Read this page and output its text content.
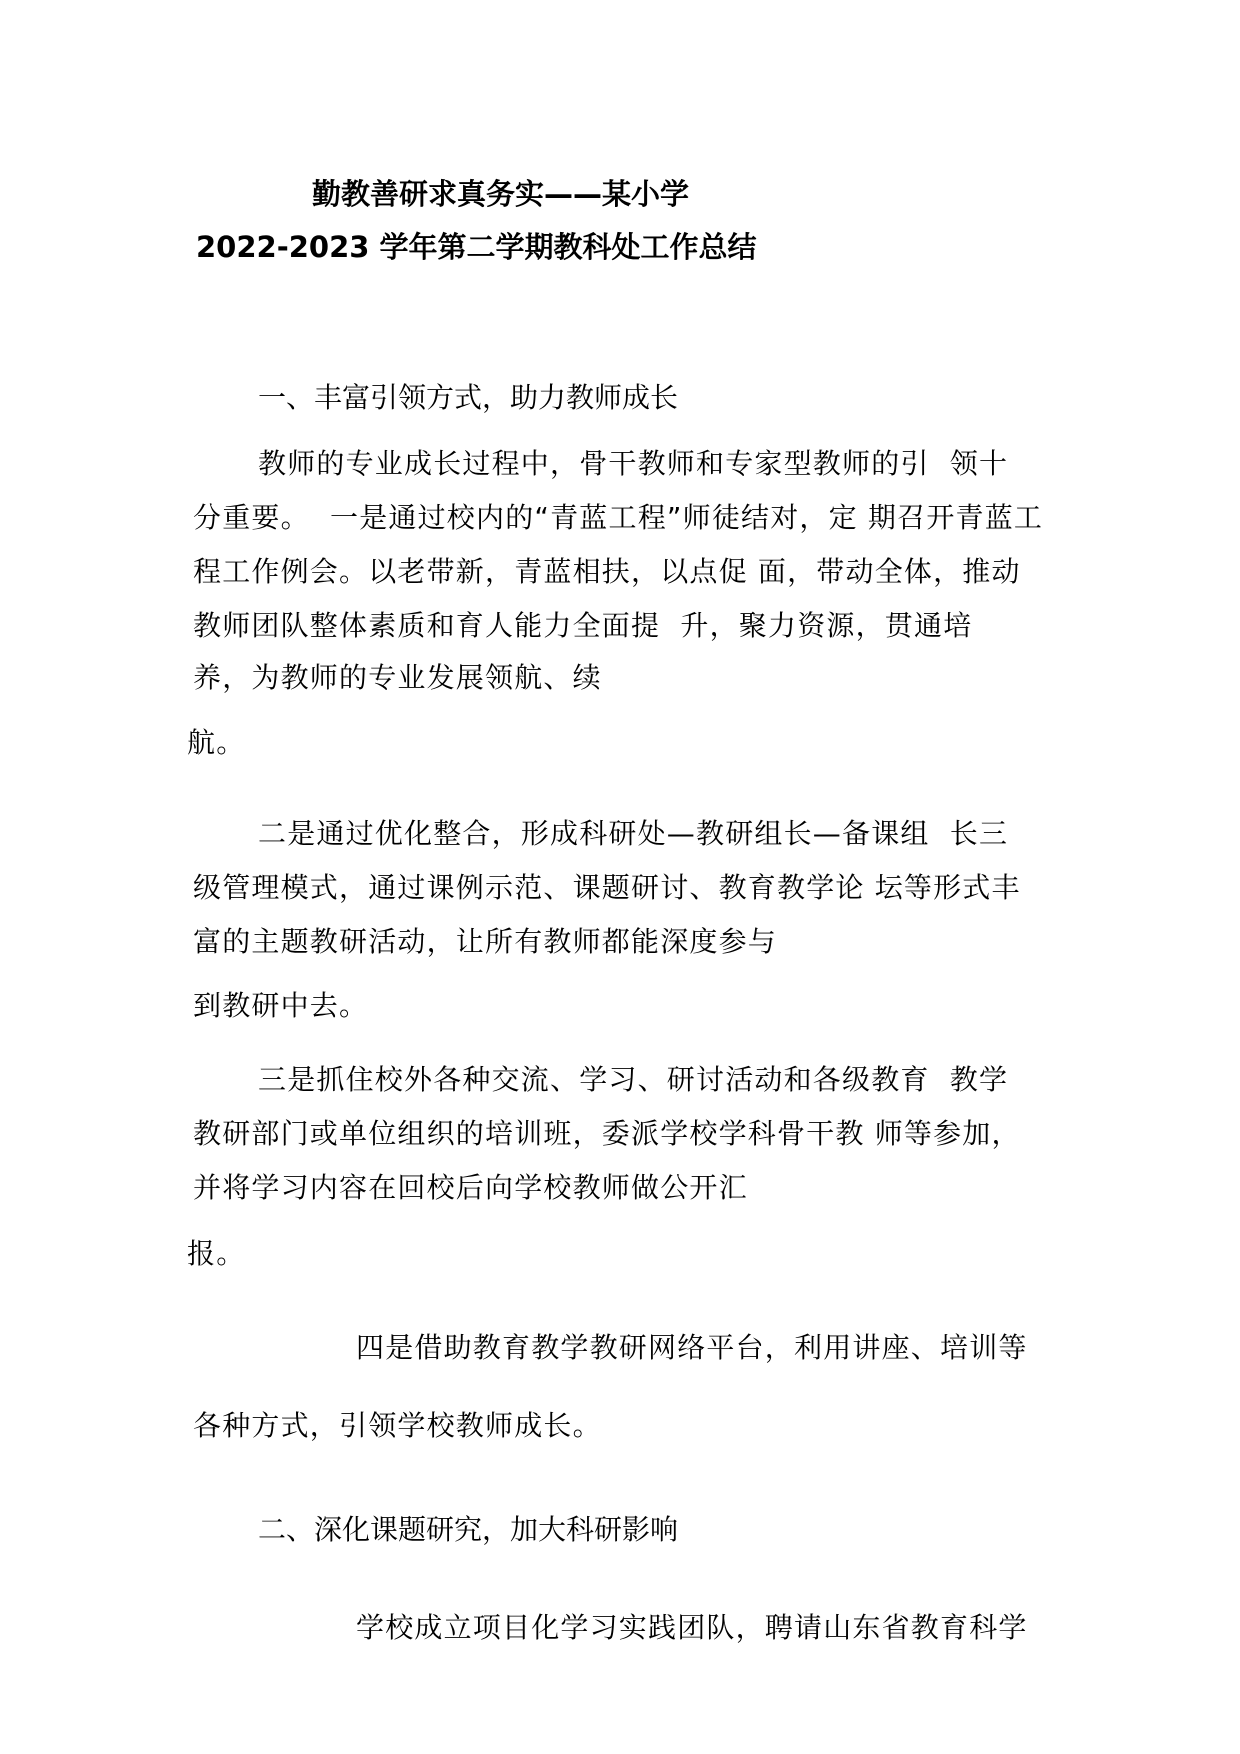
勤教善研求真务实——某小学
2022-2023 学年第二学期教科处工作总结
一、丰富引领方式，助力教师成长
教师的专业成长过程中，骨干教师和专家型教师的引  领十
分重要。  一是通过校内的“青蓝工程”师徒结对，定 期召开青蓝工
程工作例会。以老带新，青蓝相扶，以点促 面，带动全体，推动
教师团队整体素质和育人能力全面提  升，聚力资源，贯通培
养，为教师的专业发展领航、续
航。
二是通过优化整合，形成科研处—教研组长—备课组  长三
级管理模式，通过课例示范、课题研讨、教育教学论 坛等形式丰
富的主题教研活动，让所有教师都能深度参与
到教研中去。
三是抓住校外各种交流、学习、研讨活动和各级教育  教学
教研部门或单位组织的培训班，委派学校学科骨干教 师等参加，
并将学习内容在回校后向学校教师做公开汇
报。
四是借助教育教学教研网络平台，利用讲座、培训等
各种方式，引领学校教师成长。
二、深化课题研究，加大科研影响
学校成立项目化学习实践团队，聘请山东省教育科学
